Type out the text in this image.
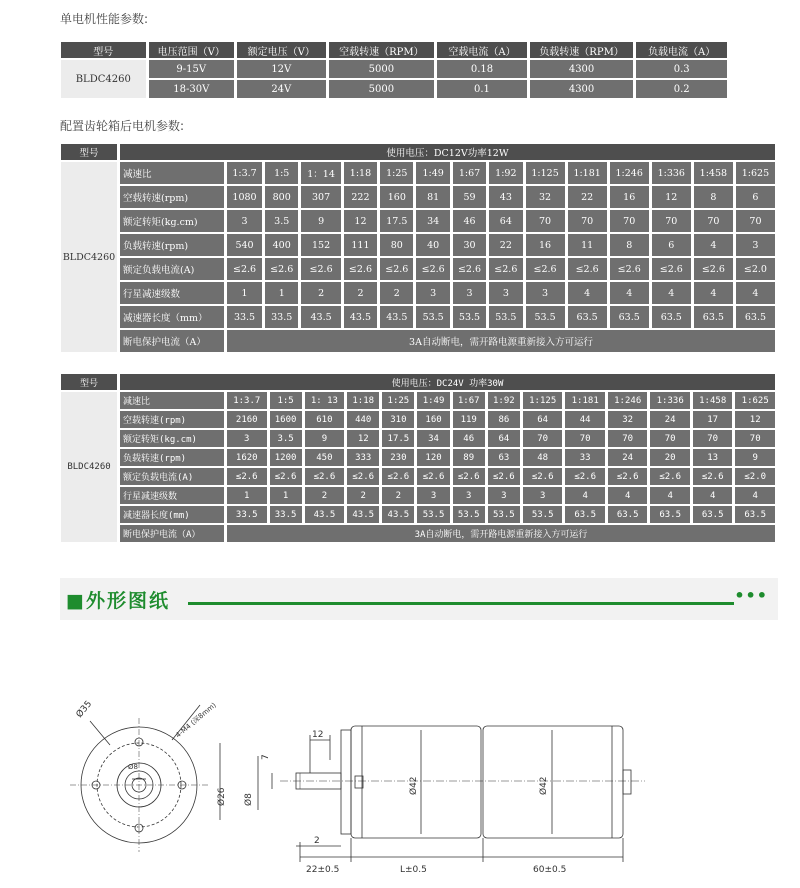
单电机性能参数:
型号	电压范围（V）	额定电压（V）	空载转速（RPM）	空载电流（A）	负载转速（RPM）	负载电流（A）
BLDC4260	9-15V	12V	5000	0.18	4300	0.3
	18-30V	24V	5000	0.1	4300	0.2
配置齿轮箱后电机参数:
型号	使用电压：DC12V功率12W														
BLDC4260	减速比	1:3.7	1:5	1：14	1:18	1:25	1:49	1:67	1:92	1:125	1:181	1:246	1:336	1:458	1:625
	空载转速(rpm)	1080	800	307	222	160	81	59	43	32	22	16	12	8	6
	额定转矩(kg.cm)	3	3.5	9	12	17.5	34	46	64	70	70	70	70	70	70
	负载转速(rpm)	540	400	152	111	80	40	30	22	16	11	8	6	4	3
	额定负载电流(A)	≤2.6	≤2.6	≤2.6	≤2.6	≤2.6	≤2.6	≤2.6	≤2.6	≤2.6	≤2.6	≤2.6	≤2.6	≤2.6	≤2.0
	行星减速级数	1	1	2	2	2	3	3	3	3	4	4	4	4	4
	减速器长度（mm）	33.5	33.5	43.5	43.5	43.5	53.5	53.5	53.5	53.5	63.5	63.5	63.5	63.5	63.5
	断电保护电流（A）	3A自动断电，需开路电源重新接入方可运行													
型号	使用电压：DC24V 功率30W														
BLDC4260	减速比	1:3.7	1:5	1: 13	1:18	1:25	1:49	1:67	1:92	1:125	1:181	1:246	1:336	1:458	1:625
	空载转速(rpm)	2160	1600	610	440	310	160	119	86	64	44	32	24	17	12
	额定转矩(kg.cm)	3	3.5	9	12	17.5	34	46	64	70	70	70	70	70	70
	负载转速(rpm)	1620	1200	450	333	230	120	89	63	48	33	24	20	13	9
	额定负载电流(A)	≤2.6	≤2.6	≤2.6	≤2.6	≤2.6	≤2.6	≤2.6	≤2.6	≤2.6	≤2.6	≤2.6	≤2.6	≤2.6	≤2.0
	行星减速级数	1	1	2	2	2	3	3	3	3	4	4	4	4	4
	减速器长度(mm)	33.5	33.5	43.5	43.5	43.5	53.5	53.5	53.5	53.5	63.5	63.5	63.5	63.5	63.5
	断电保护电流（A）	3A自动断电，需开路电源重新接入方可运行													
■外形图纸	•••
Ø35	4-M4 (深8mm)
Ø8
12
7
Ø26 Ø8
Ø42	Ø42
2
22±0.5	L±0.5	60±0.5
